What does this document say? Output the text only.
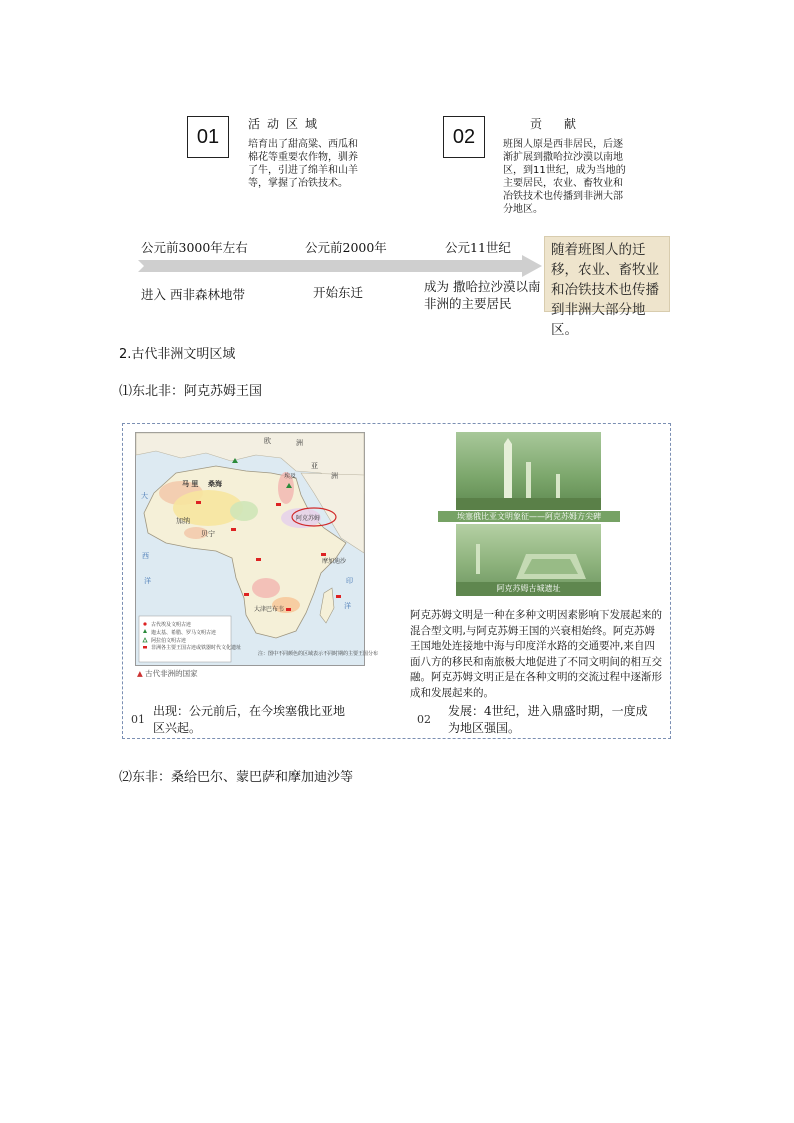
01
活动区域
培育出了甜高粱、西瓜和棉花等重要农作物，驯养了牛，引进了绵羊和山羊等，掌握了冶铁技术。
02
贡献
班图人原是西非居民，后逐渐扩展到撒哈拉沙漠以南地区，到11世纪，成为当地的主要居民，农业、畜牧业和冶铁技术也传播到非洲大部分地区。
公元前3000年左右	公元前2000年	公元11世纪
进入 西非森林地带	开始东迁	成为 撒哈拉沙漠以南非洲的主要居民
随着班图人的迁移，农业、畜牧业和冶铁技术也传播到非洲大部分地区。
2.古代非洲文明区域
⑴东北非：阿克苏姆王国
古代埃及文明古迹
迦太基、希腊、罗马文明古迹
阿拉伯文明古迹
非洲各主要王国古迹或铁器时代文化遗址
注：图中不同颜色的区域表示不同时期的主要王国分布
欧	洲
亚
洲
马 里 桑海
加纳
贝宁
阿克苏姆
埃及
摩加迪沙
大津巴布韦
大
西
洋	印
洋
▲ 古代非洲的国家
埃塞俄比亚文明象征——阿克苏姆方尖碑
阿克苏姆古城遗址
阿克苏姆文明是一种在多种文明因素影响下发展起来的混合型文明,与阿克苏姆王国的兴衰相始终。阿克苏姆王国地处连接地中海与印度洋水路的交通要冲,来自四面八方的移民和南旅极大地促进了不同文明间的相互交融。阿克苏姆文明正是在各种文明的交流过程中逐渐形成和发展起来的。
01
出现：公元前后，在今埃塞俄比亚地区兴起。
02
发展：4世纪，进入鼎盛时期，一度成为地区强国。
⑵东非：桑给巴尔、蒙巴萨和摩加迪沙等
